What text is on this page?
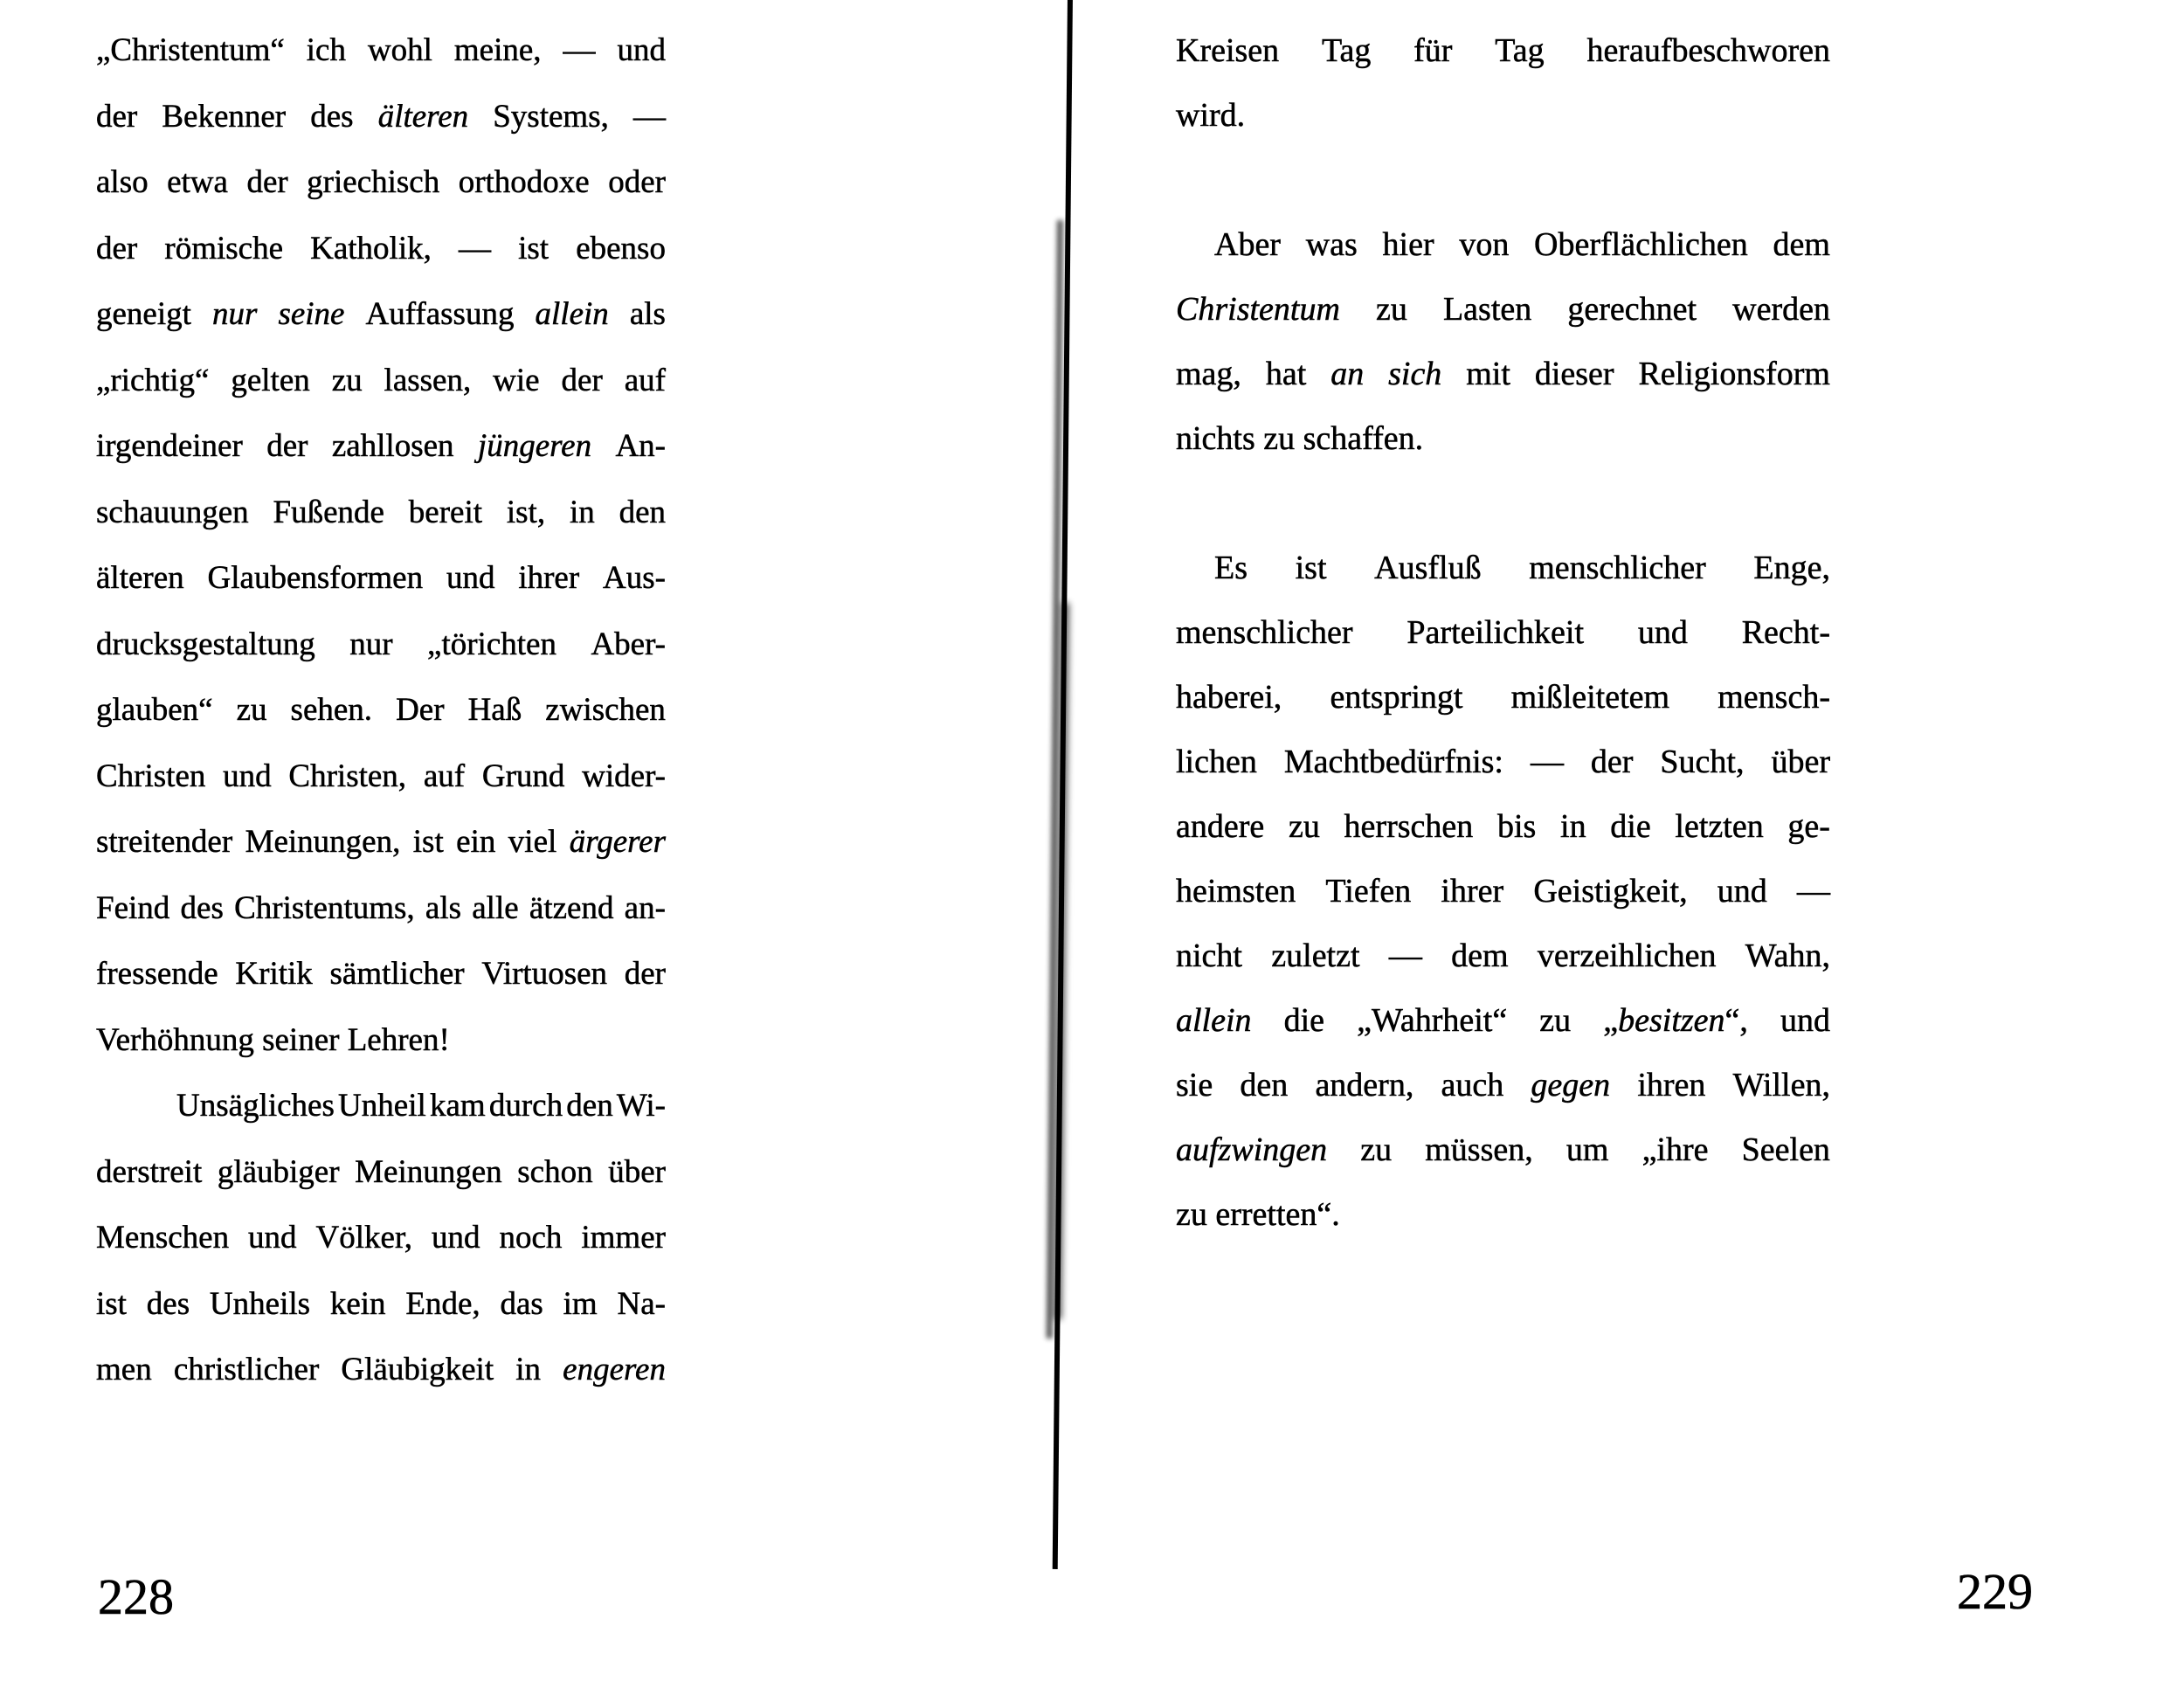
„Christentum“ ich wohl meine, — und
der Bekenner des älteren Systems, —
also etwa der griechisch orthodoxe oder
der römische Katholik, — ist ebenso
geneigt nur seine Auffassung allein als
„richtig“ gelten zu lassen, wie der auf
irgendeiner der zahllosen jüngeren An-
schauungen Fußende bereit ist, in den
älteren Glaubensformen und ihrer Aus-
drucksgestaltung nur „törichten Aber-
glauben“ zu sehen. Der Haß zwischen
Christen und Christen, auf Grund wider-
streitender Meinungen, ist ein viel ärgerer
Feind des Christentums, als alle ätzend an-
fressende Kritik sämtlicher Virtuosen der
Verhöhnung seiner Lehren!
Unsägliches Unheil kam durch den Wi-
derstreit gläubiger Meinungen schon über
Menschen und Völker, und noch immer
ist des Unheils kein Ende, das im Na-
men christlicher Gläubigkeit in engeren
228
Kreisen Tag für Tag heraufbeschworen
wird.
Aber was hier von Oberflächlichen dem
Christentum zu Lasten gerechnet werden
mag, hat an sich mit dieser Religionsform
nichts zu schaffen.
Es ist Ausfluß menschlicher Enge,
menschlicher Parteilichkeit und Recht-
haberei, entspringt mißleitetem mensch-
lichen Machtbedürfnis: — der Sucht, über
andere zu herrschen bis in die letzten ge-
heimsten Tiefen ihrer Geistigkeit, und —
nicht zuletzt — dem verzeihlichen Wahn,
allein die „Wahrheit“ zu „besitzen“, und
sie den andern, auch gegen ihren Willen,
aufzwingen zu müssen, um „ihre Seelen
zu erretten“.
229
